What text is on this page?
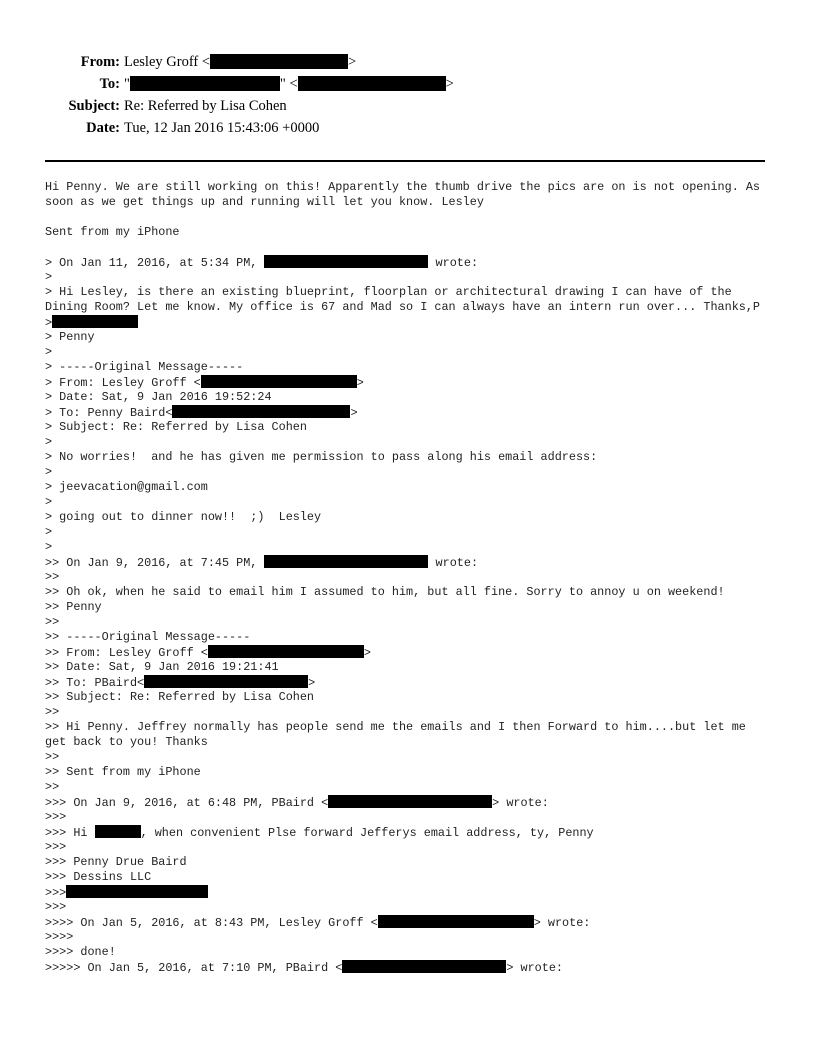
From: Lesley Groff <	>
To: "	" <	>
Subject: Re: Referred by Lisa Cohen
Date: Tue, 12 Jan 2016 15:43:06 +0000
Hi Penny. We are still working on this! Apparently the thumb drive the pics are on is not opening. As soon as we get things up and running will let you know. Lesley
Sent from my iPhone
> On Jan 11, 2016, at 5:34 PM,	wrote:
>
> Hi Lesley, is there an existing blueprint, floorplan or architectural drawing I can have of the Dining Room? Let me know. My office is 67 and Mad so I can always have an intern run over... Thanks,P
>
> Penny
>
> -----Original Message-----
> From: Lesley Groff <	>
> Date: Sat, 9 Jan 2016 19:52:24
> To: Penny Baird<	>
> Subject: Re: Referred by Lisa Cohen
>
> No worries!  and he has given me permission to pass along his email address:
>
> jeevacation@gmail.com
>
> going out to dinner now!!  ;)  Lesley
>
>
>> On Jan 9, 2016, at 7:45 PM,	wrote:
>>
>> Oh ok, when he said to email him I assumed to him, but all fine. Sorry to annoy u on weekend!
>> Penny
>>
>> -----Original Message-----
>> From: Lesley Groff <	>
>> Date: Sat, 9 Jan 2016 19:21:41
>> To: PBaird<	>
>> Subject: Re: Referred by Lisa Cohen
>>
>> Hi Penny. Jeffrey normally has people send me the emails and I then Forward to him....but let me get back to you! Thanks
>>
>> Sent from my iPhone
>>
>>> On Jan 9, 2016, at 6:48 PM, PBaird <	> wrote:
>>>
>>> Hi	, when convenient Plse forward Jefferys email address, ty, Penny
>>>
>>> Penny Drue Baird
>>> Dessins LLC
>>>
>>>
>>>> On Jan 5, 2016, at 8:43 PM, Lesley Groff <	> wrote:
>>>>
>>>> done!
>>>>> On Jan 5, 2016, at 7:10 PM, PBaird <	> wrote:
